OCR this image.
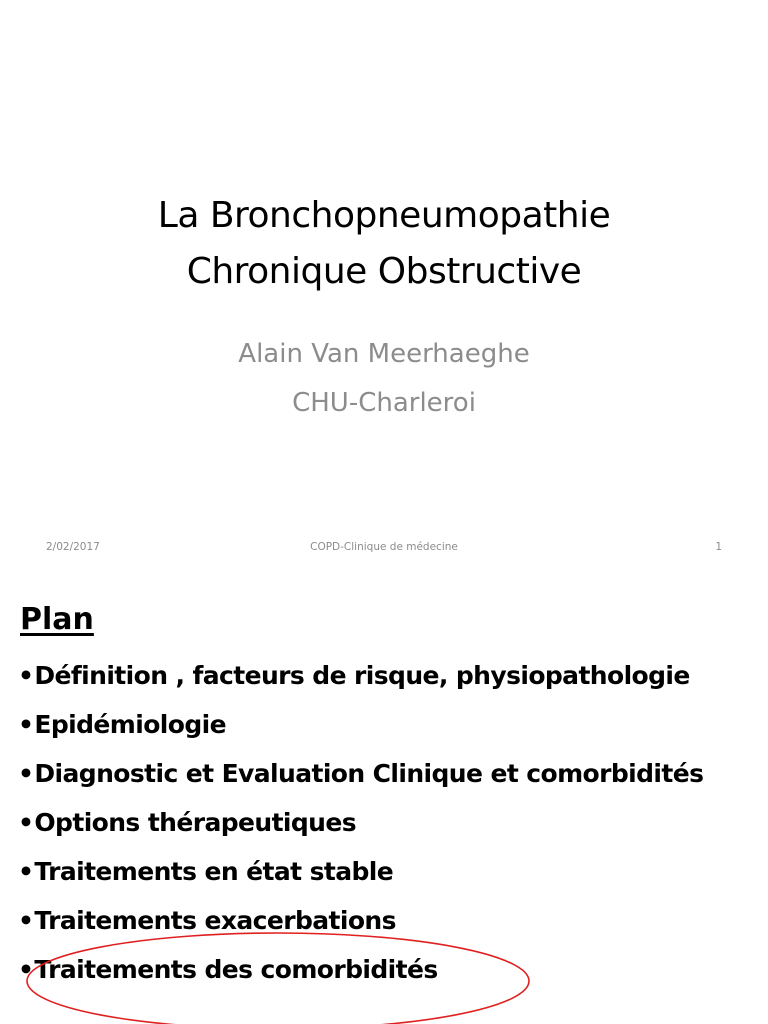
La Bronchopneumopathie
Chronique Obstructive
Alain Van Meerhaeghe
CHU-Charleroi
2/02/2017	COPD-Clinique de médecine	1
Plan
•Définition , facteurs de risque, physiopathologie
•Epidémiologie
•Diagnostic et Evaluation Clinique et comorbidités
•Options thérapeutiques
•Traitements en état stable
•Traitements exacerbations
•Traitements des comorbidités
